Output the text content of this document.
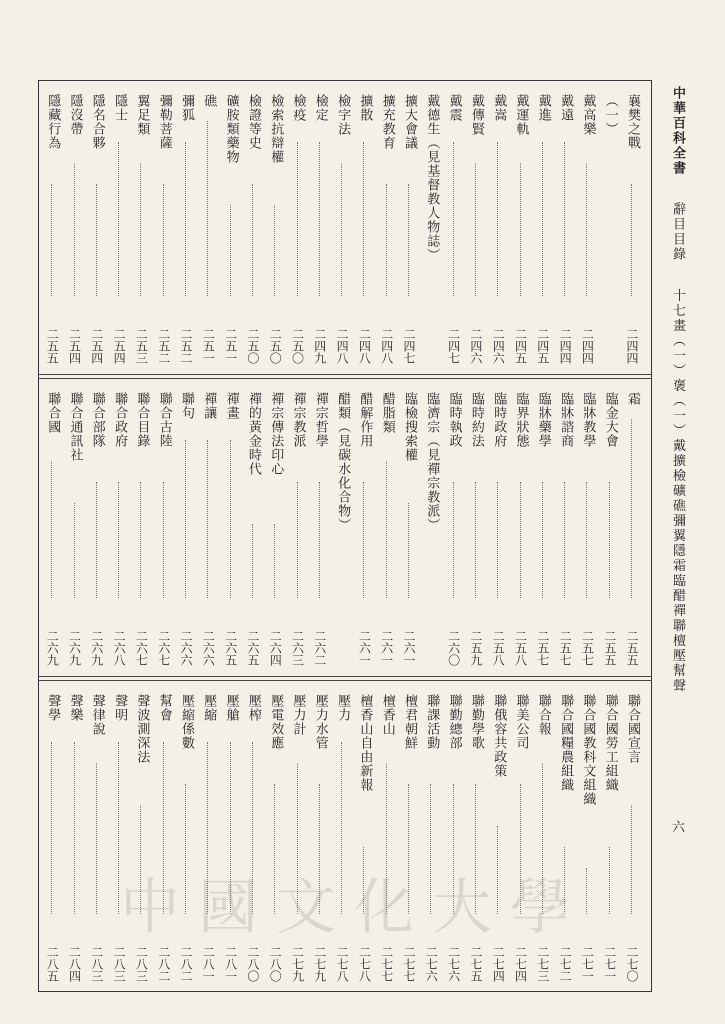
襄樊之戰
二四四
（一）
戴高樂
二四四
戴遠
二四四
戴進
二四五
戴運軌
二四五
戴嵩
二四六
戴傳賢
二四六
戴震
二四七
戴德生（見基督教人物誌）
擴大會議
二四七
擴充教育
二四八
擴散
二四八
檢字法
二四八
檢定
二四九
檢疫
二五〇
檢索抗辯權
二五〇
檢證等史
二五〇
礦胺類藥物
二五一
礁
二五一
彌狐
二五二
彌勒菩薩
二五二
翼足類
二五三
隱士
二五四
隱名合夥
二五四
隱沒帶
二五四
隱藏行為
二五五
霜
二五五
臨金大會
二五五
臨牀教學
二五七
臨牀諮商
二五七
臨牀藥學
二五七
臨界狀態
二五八
臨時政府
二五八
臨時約法
二五九
臨時執政
二六〇
臨濟宗（見禪宗教派）
臨檢搜索權
二六一
醋脂類
二六一
醋解作用
二六一
醋類（見碳水化合物）
禪宗哲學
二六二
禪宗教派
二六三
禪宗傳法印心
二六四
禪的黃金時代
二六五
禪畫
二六五
禪讓
二六六
聯句
二六六
聯合古陸
二六七
聯合目錄
二六七
聯合政府
二六八
聯合部隊
二六九
聯合通訊社
二六九
聯合國
二六九
聯合國宣言
二七〇
聯合國勞工組織
二七一
聯合國教科文組織
二七一
聯合國糧農組織
二七二
聯合報
二七三
聯美公司
二七四
聯俄容共政策
二七四
聯勤學歌
二七五
聯勤總部
二七六
聯課活動
二七六
檀君朝鮮
二七七
檀香山
二七七
檀香山自由新報
二七八
壓力
二七八
壓力水管
二七九
壓力計
二七九
壓電效應
二八〇
壓榨
二八〇
壓艙
二八一
壓縮
二八一
壓縮係數
二八二
幫會
二八二
聲波測深法
二八三
聲明
二八三
聲律說
二八三
聲樂
二八四
聲學
二八五
中華百科全書  辭目目錄  十七畫（一）褒（一）戴擴檢礦礁彌翼隱霜臨醋禪聯檀壓幫聲
六
中國文化大學
